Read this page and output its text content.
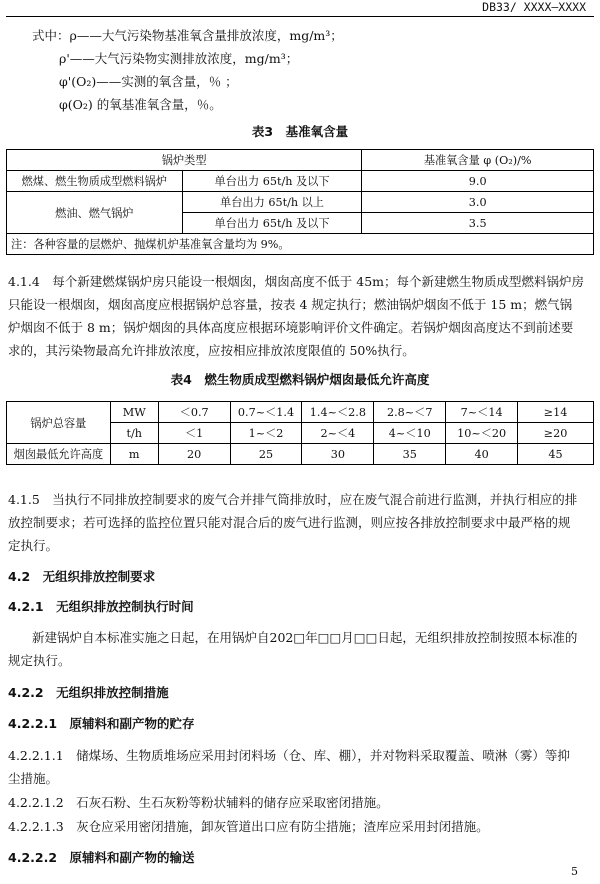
DB33/ XXXX—XXXX
式中：ρ——大气污染物基准氧含量排放浓度，mg/m³；
ρ'——大气污染物实测排放浓度，mg/m³；
φ'(O₂)——实测的氧含量，％ ；
φ(O₂) 的氧基准氧含量，％。
表3　基准氧含量
锅炉类型		基准氧含量 φ (O₂)/%
燃煤、燃生物质成型燃料锅炉	单台出力 65t/h 及以下	9.0
燃油、燃气锅炉	单台出力 65t/h 以上	3.0
	单台出力 65t/h 及以下	3.5
注：各种容量的层燃炉、抛煤机炉基准氧含量均为 9%。		
4.1.4　每个新建燃煤锅炉房只能设一根烟囱，烟囱高度不低于 45m；每个新建燃生物质成型燃料锅炉房
只能设一根烟囱，烟囱高度应根据锅炉总容量，按表 4 规定执行；燃油锅炉烟囱不低于 15 m；燃气锅
炉烟囱不低于 8 m；锅炉烟囱的具体高度应根据环境影响评价文件确定。若锅炉烟囱高度达不到前述要
求的，其污染物最高允许排放浓度，应按相应排放浓度限值的 50%执行。
表4　燃生物质成型燃料锅炉烟囱最低允许高度
锅炉总容量	MW	＜0.7	0.7~＜1.4	1.4~＜2.8	2.8~＜7	7~＜14	≥14
	t/h	＜1	1~＜2	2~＜4	4~＜10	10~＜20	≥20
烟囱最低允许高度	m	20	25	30	35	40	45
4.1.5　当执行不同排放控制要求的废气合并排气筒排放时，应在废气混合前进行监测，并执行相应的排
放控制要求；若可选择的监控位置只能对混合后的废气进行监测，则应按各排放控制要求中最严格的规
定执行。
4.2　无组织排放控制要求
4.2.1　无组织排放控制执行时间
新建锅炉自本标准实施之日起，在用锅炉自202□年□□月□□日起，无组织排放控制按照本标准的
规定执行。
4.2.2　无组织排放控制措施
4.2.2.1　原辅料和副产物的贮存
4.2.2.1.1　储煤场、生物质堆场应采用封闭料场（仓、库、棚），并对物料采取覆盖、喷淋（雾）等抑
尘措施。
4.2.2.1.2　石灰石粉、生石灰粉等粉状辅料的储存应采取密闭措施。
4.2.2.1.3　灰仓应采用密闭措施，卸灰管道出口应有防尘措施；渣库应采用封闭措施。
4.2.2.2　原辅料和副产物的输送
5
